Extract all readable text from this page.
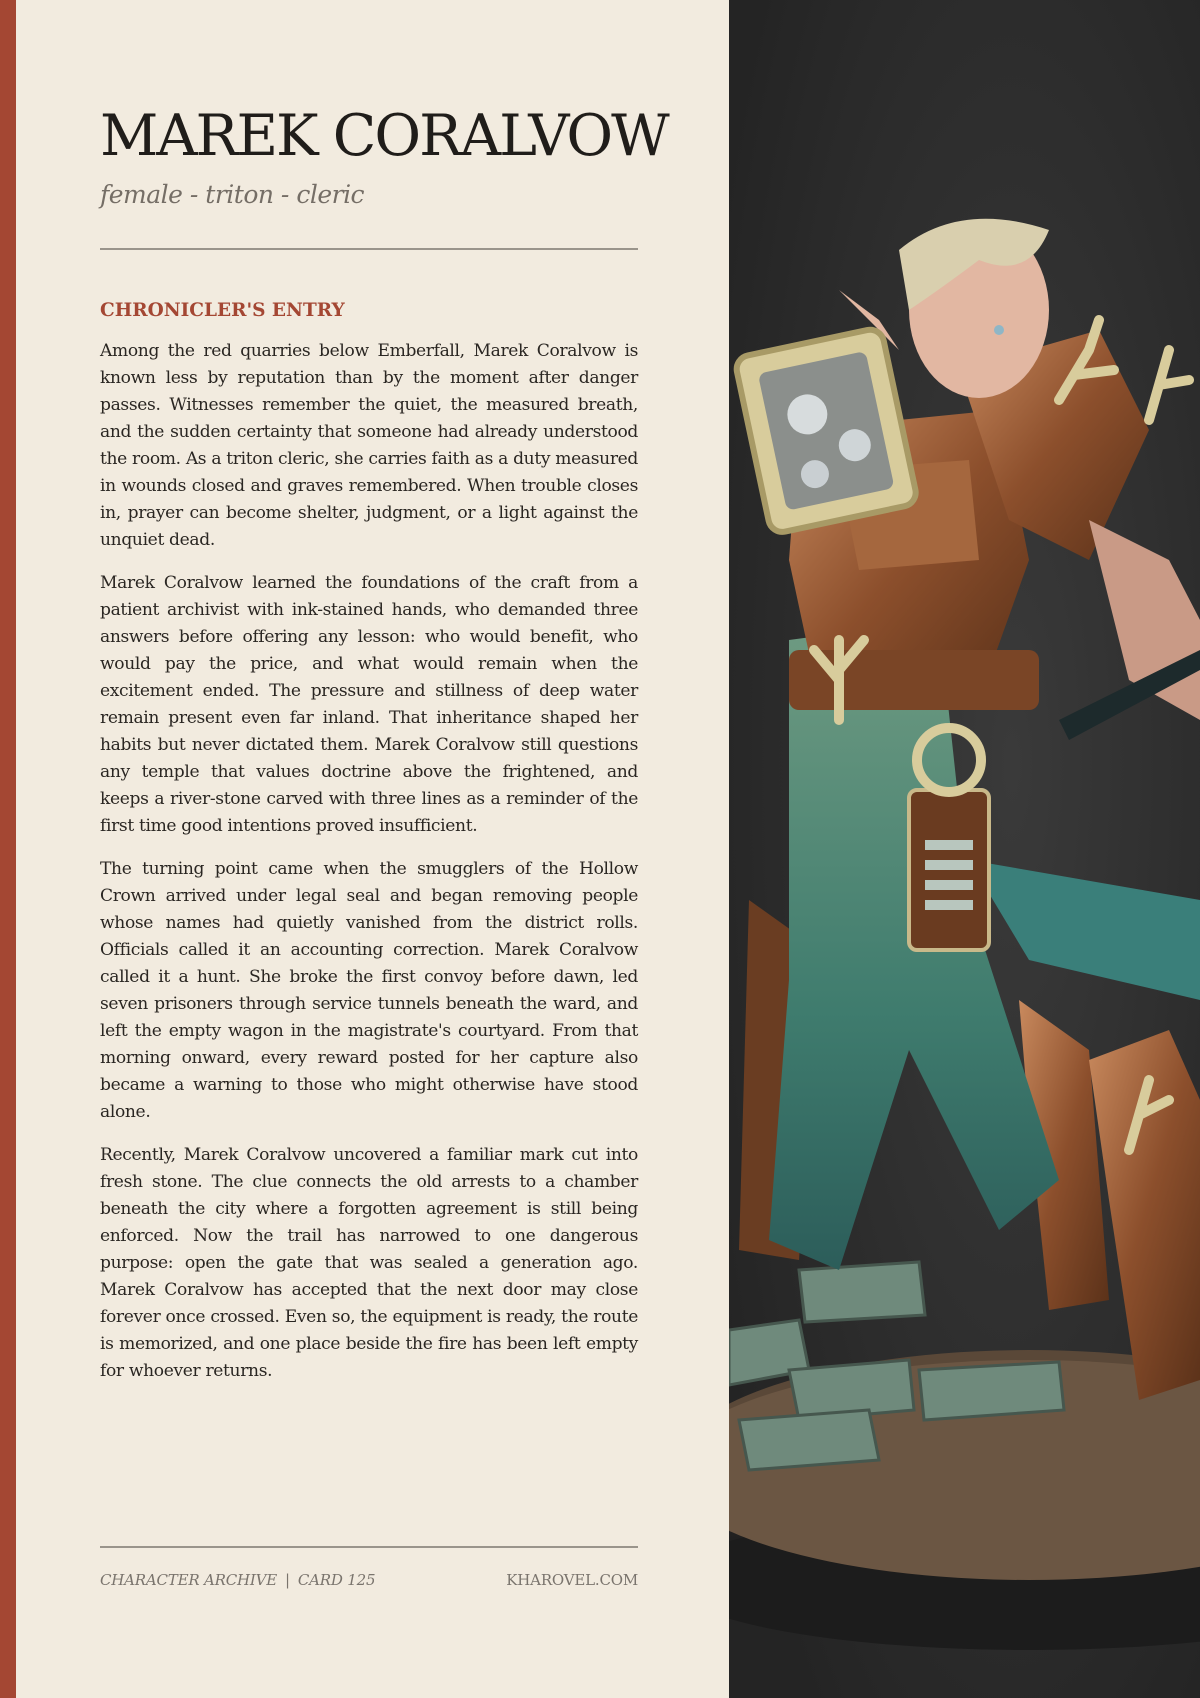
MAREK CORALVOW
female - triton - cleric
CHRONICLER'S ENTRY

Among the red quarries below Emberfall, Marek Coralvow is known less by reputation than by the moment after danger passes. Witnesses remember the quiet, the measured breath, and the sudden certainty that someone had already understood the room. As a triton cleric, she carries faith as a duty measured in wounds closed and graves remembered. When trouble closes in, prayer can become shelter, judgment, or a light against the unquiet dead.

Marek Coralvow learned the foundations of the craft from a patient archivist with ink-stained hands, who demanded three answers before offering any lesson: who would benefit, who would pay the price, and what would remain when the excitement ended. The pressure and stillness of deep water remain present even far inland. That inheritance shaped her habits but never dictated them. Marek Coralvow still questions any temple that values doctrine above the frightened, and keeps a river-stone carved with three lines as a reminder of the first time good intentions proved insufficient.

The turning point came when the smugglers of the Hollow Crown arrived under legal seal and began removing people whose names had quietly vanished from the district rolls. Officials called it an accounting correction. Marek Coralvow called it a hunt. She broke the first convoy before dawn, led seven prisoners through service tunnels beneath the ward, and left the empty wagon in the magistrate's courtyard. From that morning onward, every reward posted for her capture also became a warning to those who might otherwise have stood alone.

Recently, Marek Coralvow uncovered a familiar mark cut into fresh stone. The clue connects the old arrests to a chamber beneath the city where a forgotten agreement is still being enforced. Now the trail has narrowed to one dangerous purpose: open the gate that was sealed a generation ago. Marek Coralvow has accepted that the next door may close forever once crossed. Even so, the equipment is ready, the route is memorized, and one place beside the fire has been left empty for whoever returns.

CHARACTER ARCHIVE | CARD 125	KHAROVEL.COM
